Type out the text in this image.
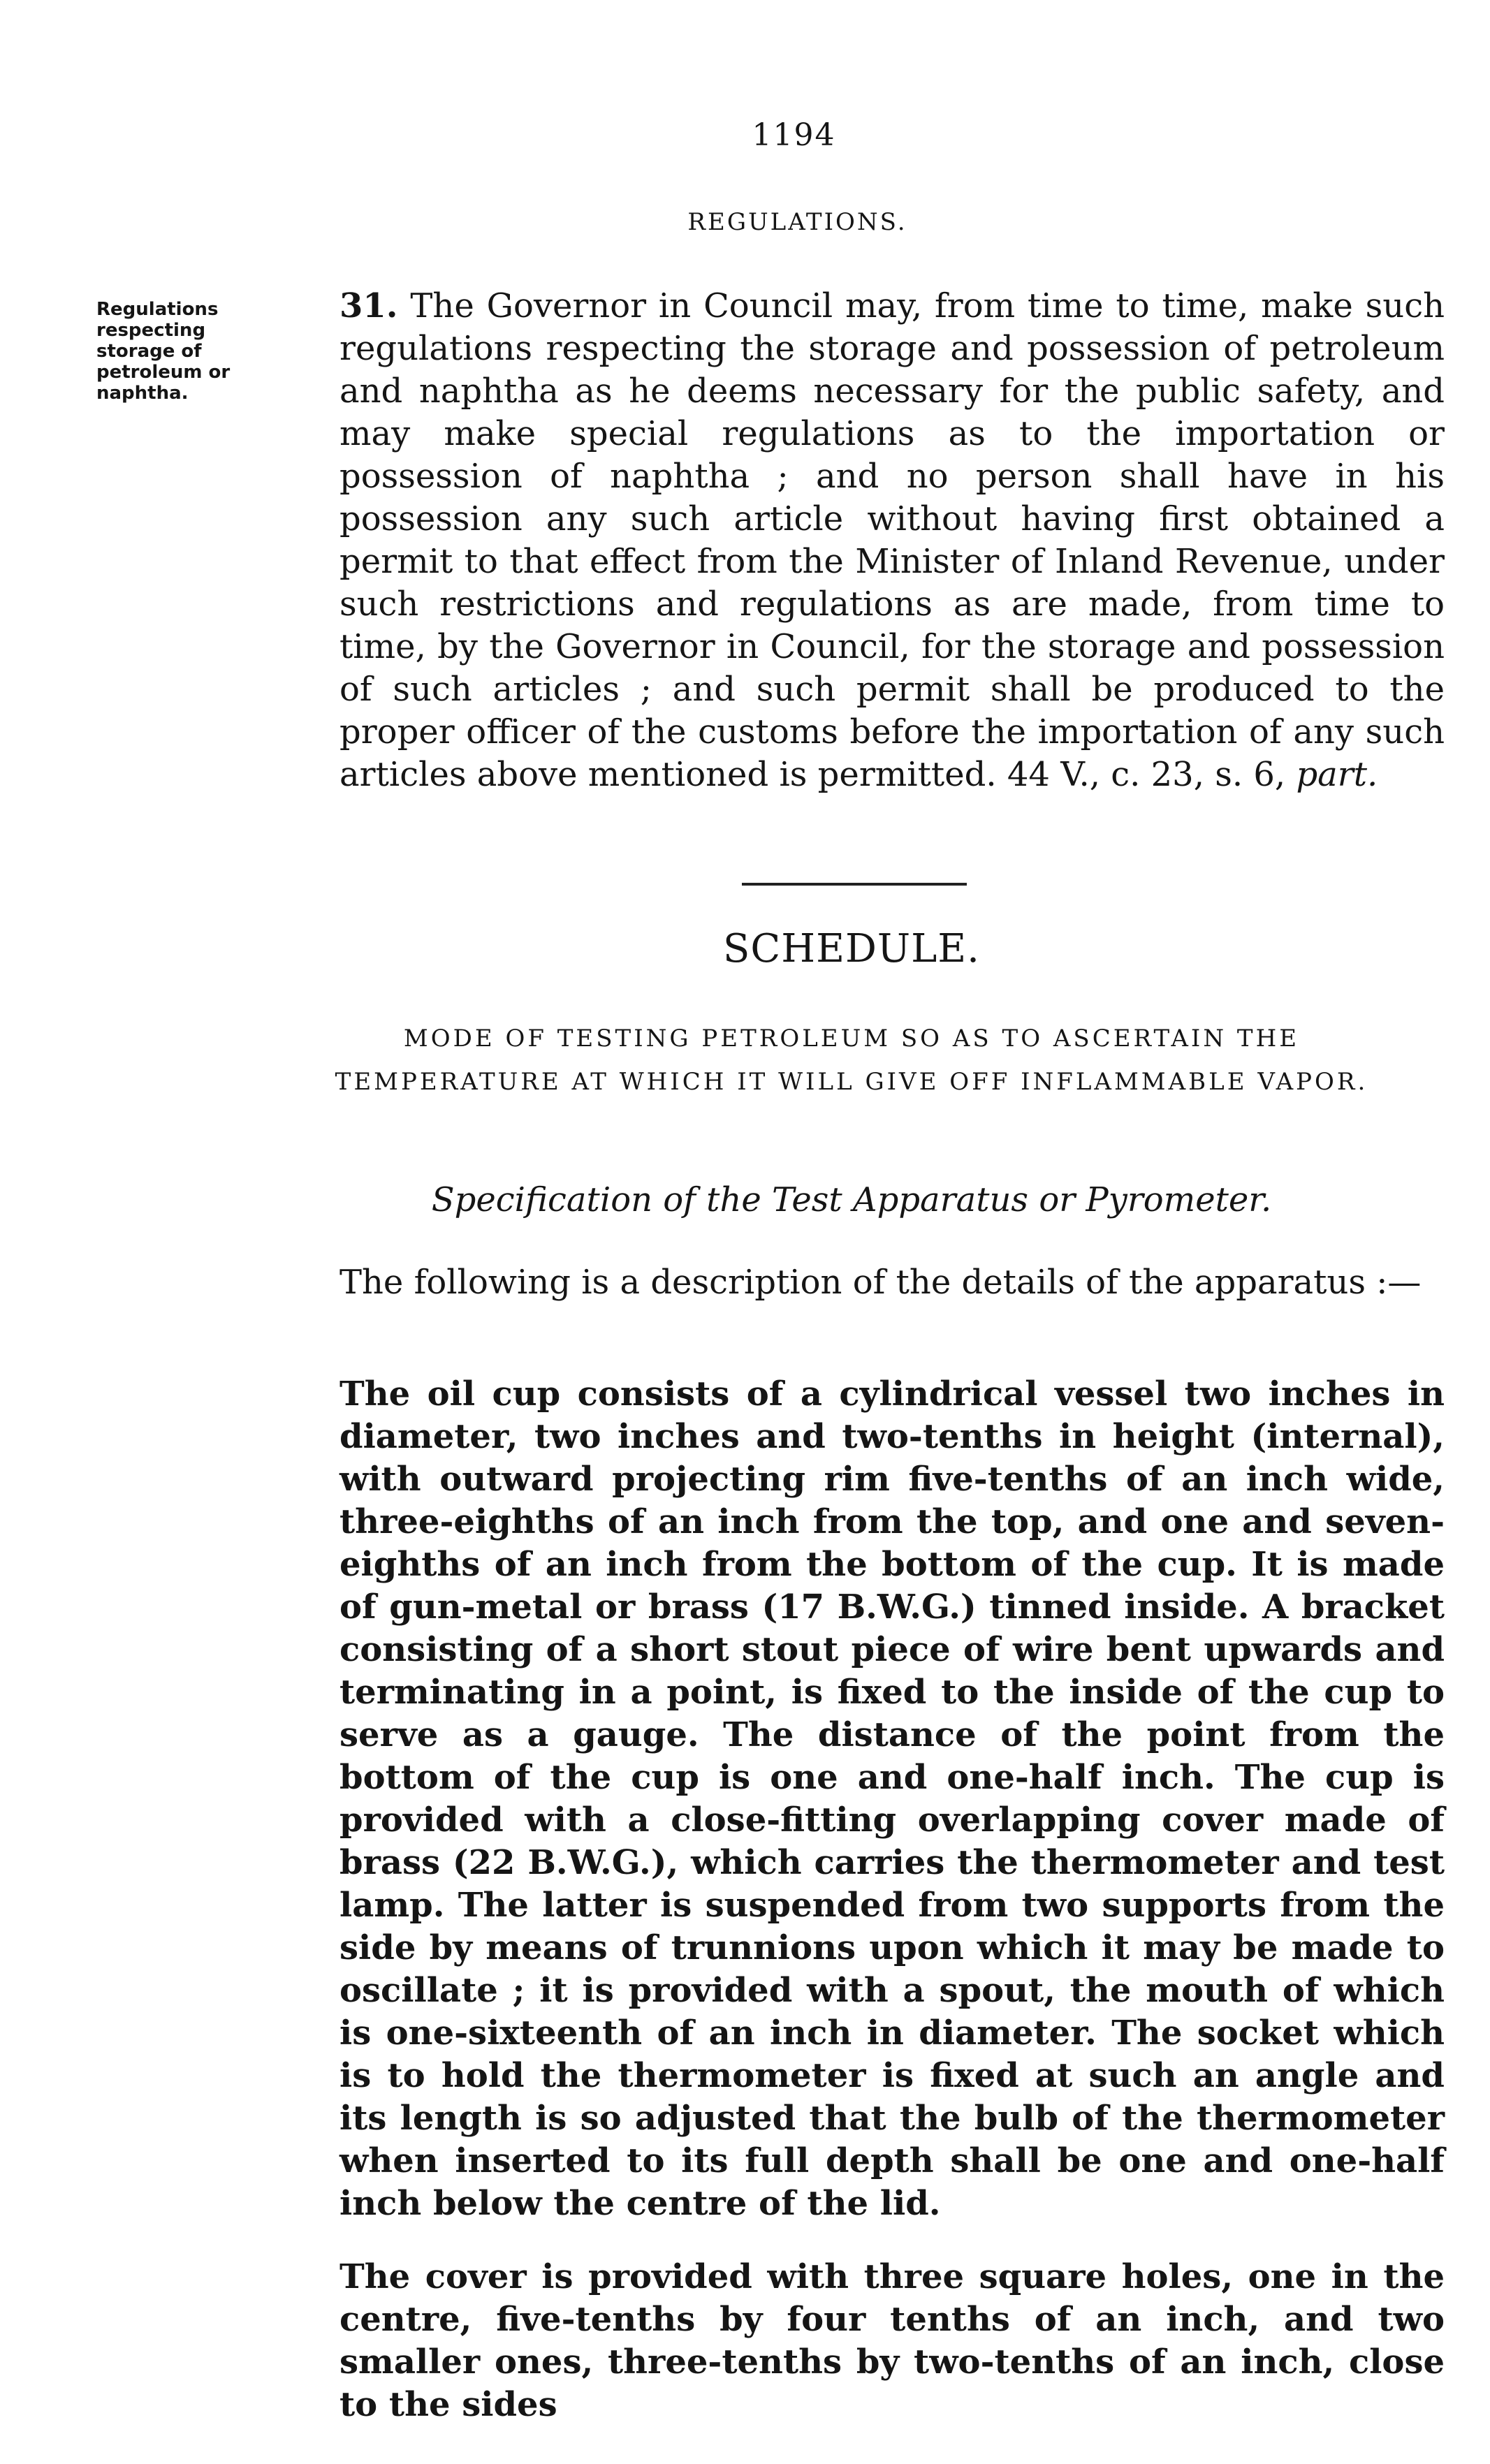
1194
REGULATIONS.
Regulations
respecting
storage of
petroleum or
naphtha.
31. The Governor in Council may, from time to time, make such regulations respecting the storage and possession of petroleum and naphtha as he deems necessary for the public safety, and may make special regulations as to the importation or possession of naphtha ; and no person shall have in his possession any such article without having first obtained a permit to that effect from the Minister of Inland Revenue, under such restrictions and regulations as are made, from time to time, by the Governor in Council, for the storage and possession of such articles ; and such permit shall be produced to the proper officer of the customs before the importation of any such articles above mentioned is permitted. 44 V., c. 23, s. 6, part.
SCHEDULE.
MODE OF TESTING PETROLEUM SO AS TO ASCERTAIN THE TEMPERATURE AT WHICH IT WILL GIVE OFF INFLAMMABLE VAPOR.
Specification of the Test Apparatus or Pyrometer.
The following is a description of the details of the apparatus :—
The oil cup consists of a cylindrical vessel two inches in diameter, two inches and two-tenths in height (internal), with outward projecting rim five-tenths of an inch wide, three-eighths of an inch from the top, and one and seven-eighths of an inch from the bottom of the cup. It is made of gun-metal or brass (17 B.W.G.) tinned inside. A bracket consisting of a short stout piece of wire bent upwards and terminating in a point, is fixed to the inside of the cup to serve as a gauge. The distance of the point from the bottom of the cup is one and one-half inch. The cup is provided with a close-fitting overlapping cover made of brass (22 B.W.G.), which carries the thermometer and test lamp. The latter is suspended from two supports from the side by means of trunnions upon which it may be made to oscillate ; it is provided with a spout, the mouth of which is one-sixteenth of an inch in diameter. The socket which is to hold the thermometer is fixed at such an angle and its length is so adjusted that the bulb of the thermometer when inserted to its full depth shall be one and one-half inch below the centre of the lid.
The cover is provided with three square holes, one in the centre, five-tenths by four tenths of an inch, and two smaller ones, three-tenths by two-tenths of an inch, close to the sides
